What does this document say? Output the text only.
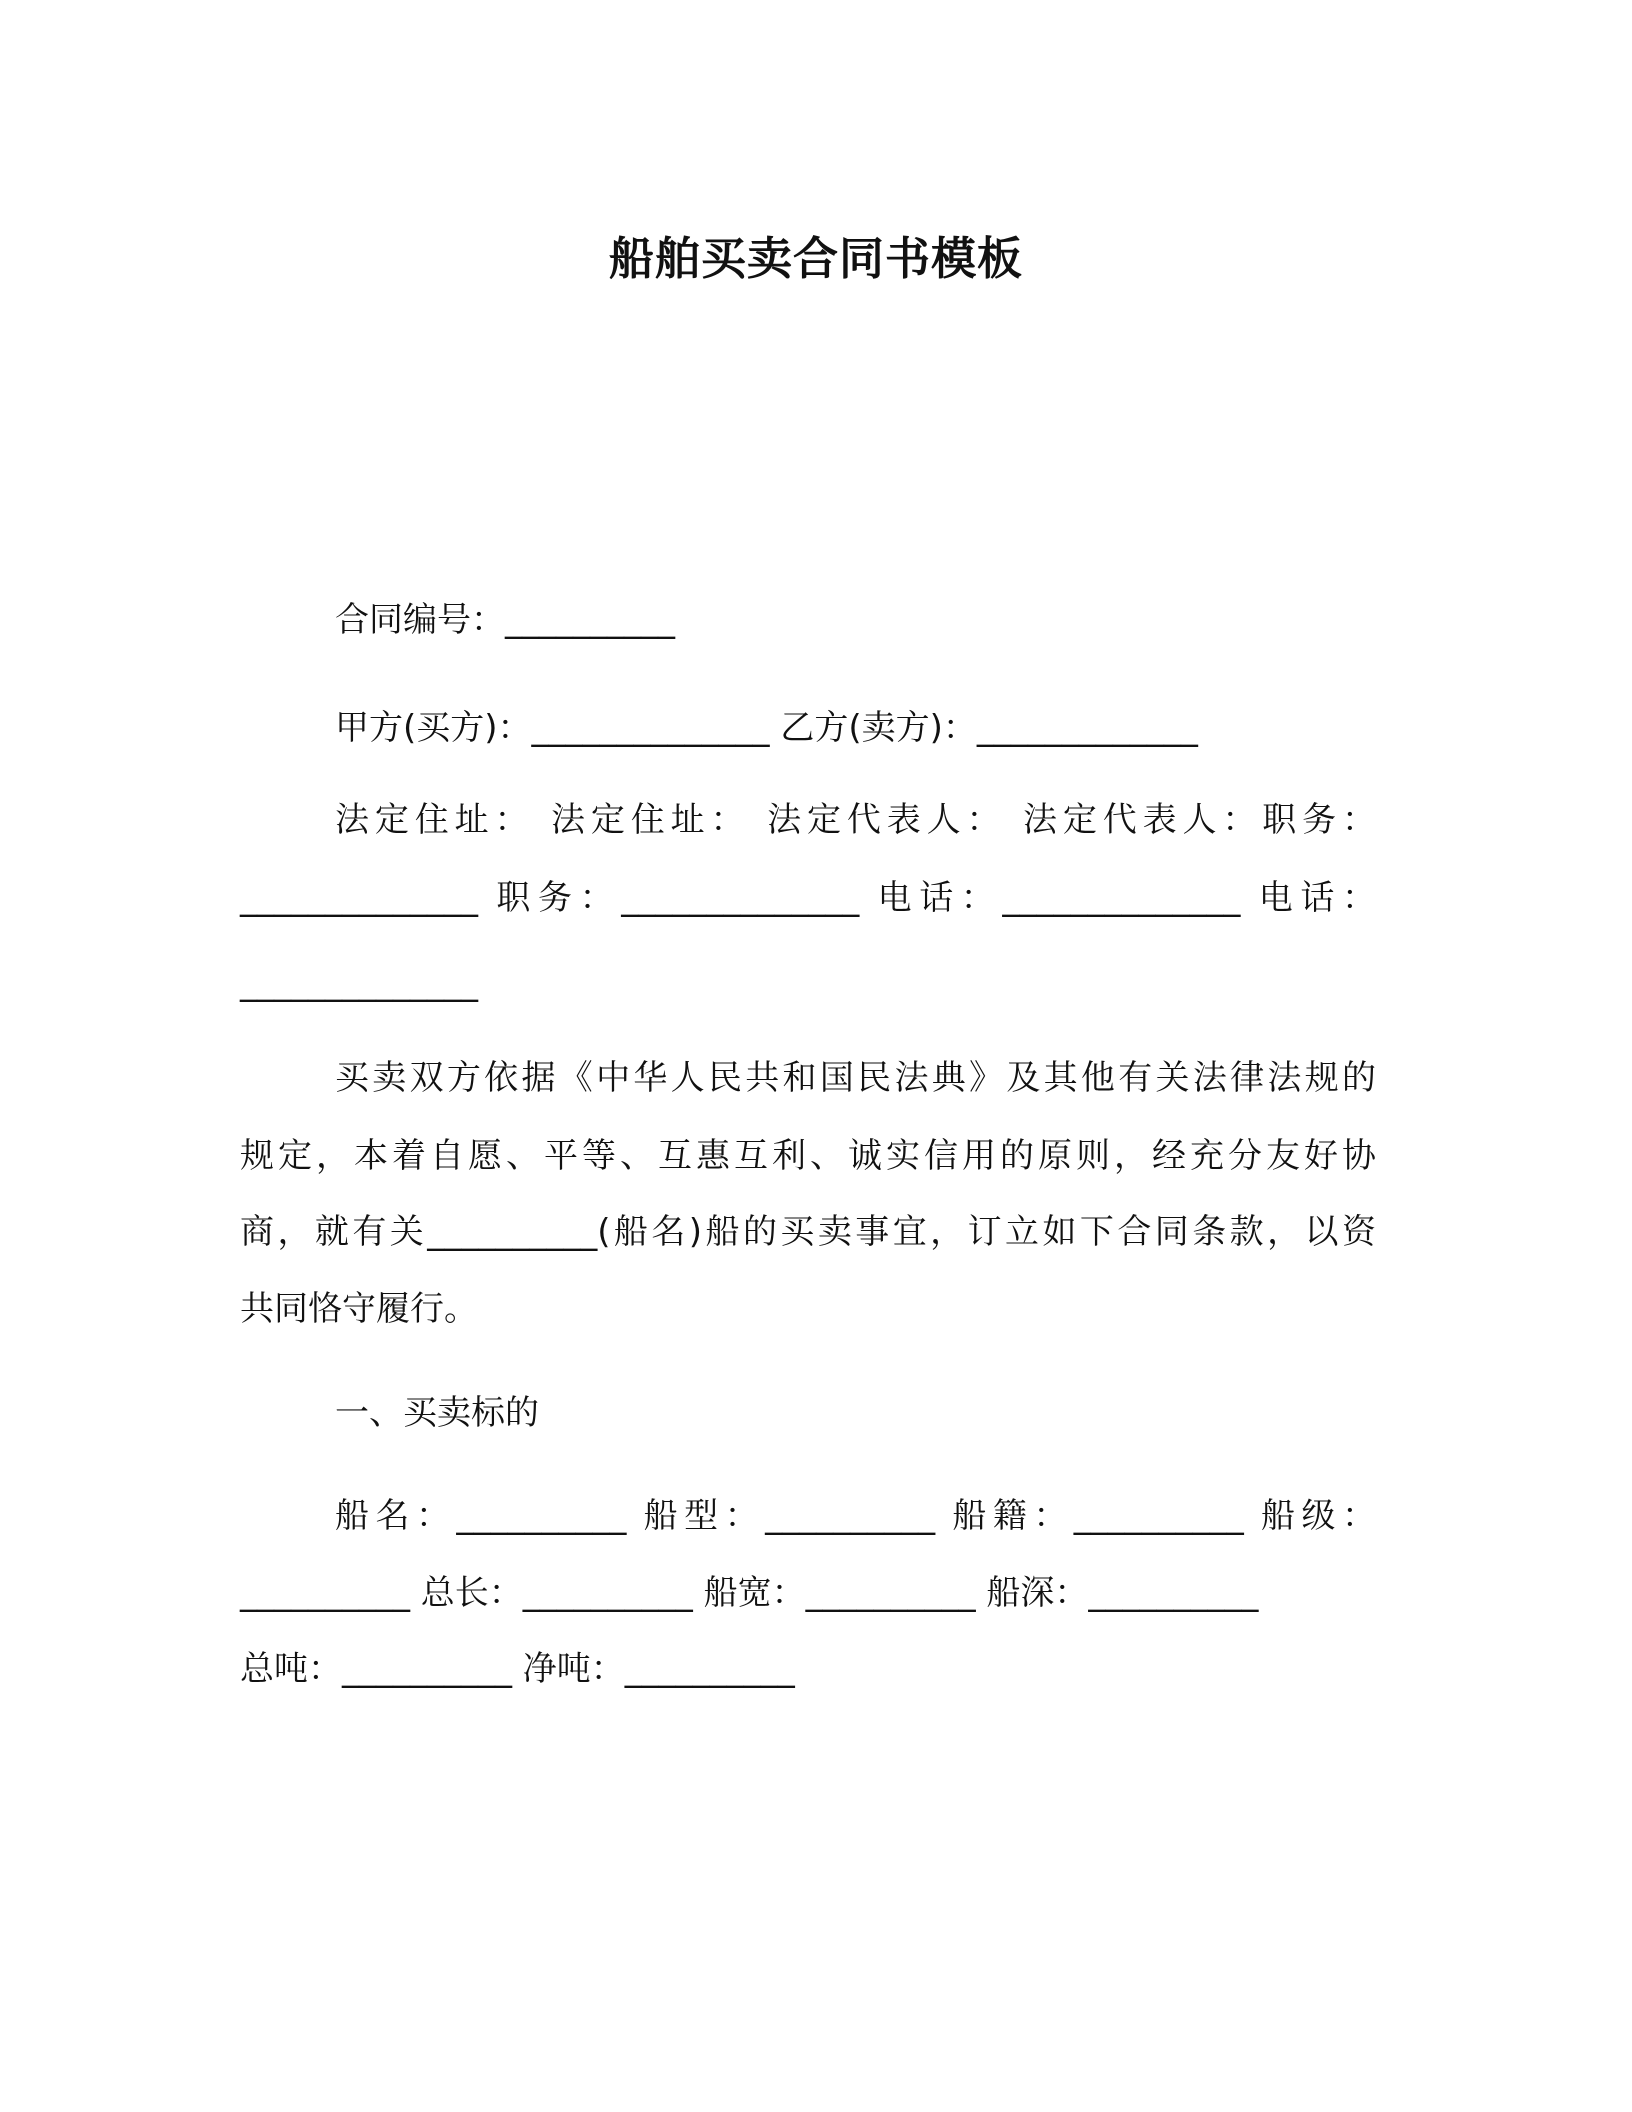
船舶买卖合同书模板
合同编号：__________
甲方(买方)：______________ 乙方(卖方)：_____________
法定住址： 法定住址： 法定代表人： 法定代表人：职务：
______________ 职务：______________ 电话：______________ 电话：
______________
买卖双方依据《中华人民共和国民法典》及其他有关法律法规的
规定，本着自愿、平等、互惠互利、诚实信用的原则，经充分友好协
商，就有关__________(船名)船的买卖事宜，订立如下合同条款，以资
共同恪守履行。
一、买卖标的
船名：__________ 船型：__________ 船籍：__________ 船级：
__________ 总长：__________ 船宽：__________ 船深：__________
总吨：__________ 净吨：__________
